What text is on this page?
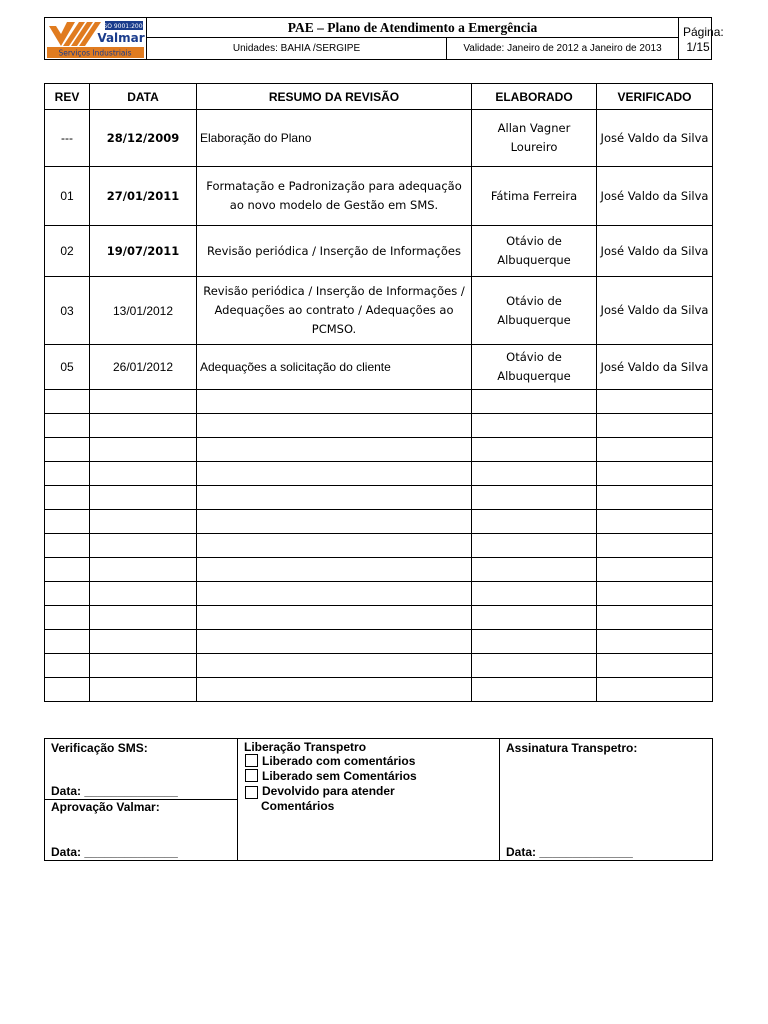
ISO 9001:2000
Valmar
Serviços Industriais
PAE – Plano de Atendimento a Emergência
Unidades: BAHIA /SERGIPE	Validade: Janeiro de 2012 a Janeiro de 2013
Página:
1/15
REV	DATA	RESUMO DA REVISÃO	ELABORADO	VERIFICADO
---	28/12/2009	Elaboração do Plano	Allan Vagner Loureiro	José Valdo da Silva
01	27/01/2011	Formatação e Padronização para adequação ao novo modelo de Gestão em SMS.	Fátima Ferreira	José Valdo da Silva
02	19/07/2011	Revisão periódica / Inserção de Informações	Otávio de Albuquerque	José Valdo da Silva
03	13/01/2012	Revisão periódica / Inserção de Informações / Adequações ao contrato / Adequações ao PCMSO.	Otávio de Albuquerque	José Valdo da Silva
05	26/01/2012	Adequações a solicitação do cliente	Otávio de Albuquerque	José Valdo da Silva

Verificação SMS:
Data: ______________
Aprovação Valmar:
Data: ______________
Liberação Transpetro
Liberado com comentários
Liberado sem Comentários
Devolvido para atender Comentários
Assinatura Transpetro:
Data: ______________
